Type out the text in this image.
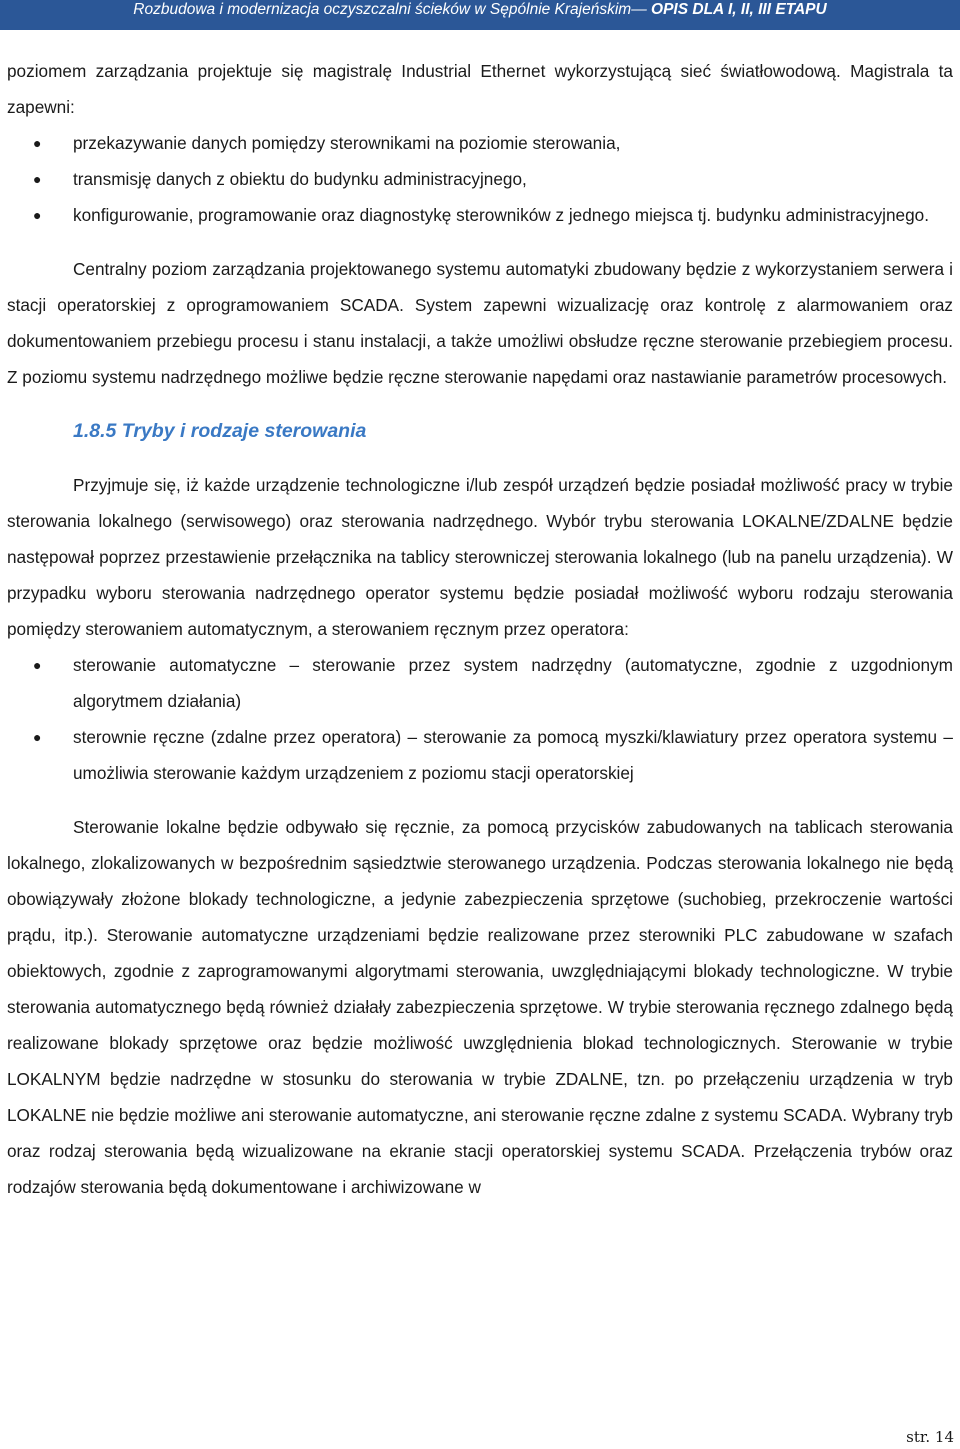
Rozbudowa i modernizacja oczyszczalni ścieków w Sępólnie Krajeńskim— OPIS DLA I, II, III ETAPU

poziomem zarządzania projektuje się magistralę Industrial Ethernet wykorzystującą sieć światłowodową. Magistrala ta zapewni:

● przekazywanie danych pomiędzy sterownikami na poziomie sterowania,
● transmisję danych z obiektu do budynku administracyjnego,
● konfigurowanie, programowanie oraz diagnostykę sterowników z jednego miejsca tj. budynku administracyjnego.

Centralny poziom zarządzania projektowanego systemu automatyki zbudowany będzie z wykorzystaniem serwera i stacji operatorskiej z oprogramowaniem SCADA. System zapewni wizualizację oraz kontrolę z alarmowaniem oraz dokumentowaniem przebiegu procesu i stanu instalacji, a także umożliwi obsłudze ręczne sterowanie przebiegiem procesu. Z poziomu systemu nadrzędnego możliwe będzie ręczne sterowanie napędami oraz nastawianie parametrów procesowych.

1.8.5 Tryby i rodzaje sterowania

Przyjmuje się, iż każde urządzenie technologiczne i/lub zespół urządzeń będzie posiadał możliwość pracy w trybie sterowania lokalnego (serwisowego) oraz sterowania nadrzędnego. Wybór trybu sterowania LOKALNE/ZDALNE będzie następował poprzez przestawienie przełącznika na tablicy sterowniczej sterowania lokalnego (lub na panelu urządzenia). W przypadku wyboru sterowania nadrzędnego operator systemu będzie posiadał możliwość wyboru rodzaju sterowania pomiędzy sterowaniem automatycznym, a sterowaniem ręcznym przez operatora:

● sterowanie automatyczne – sterowanie przez system nadrzędny (automatyczne, zgodnie z uzgodnionym algorytmem działania)
● sterownie ręczne (zdalne przez operatora) – sterowanie za pomocą myszki/klawiatury przez operatora systemu – umożliwia sterowanie każdym urządzeniem z poziomu stacji operatorskiej

Sterowanie lokalne będzie odbywało się ręcznie, za pomocą przycisków zabudowanych na tablicach sterowania lokalnego, zlokalizowanych w bezpośrednim sąsiedztwie sterowanego urządzenia. Podczas sterowania lokalnego nie będą obowiązywały złożone blokady technologiczne, a jedynie zabezpieczenia sprzętowe (suchobieg, przekroczenie wartości prądu, itp.). Sterowanie automatyczne urządzeniami będzie realizowane przez sterowniki PLC zabudowane w szafach obiektowych, zgodnie z zaprogramowanymi algorytmami sterowania, uwzględniającymi blokady technologiczne. W trybie sterowania automatycznego będą również działały zabezpieczenia sprzętowe. W trybie sterowania ręcznego zdalnego będą realizowane blokady sprzętowe oraz będzie możliwość uwzględnienia blokad technologicznych. Sterowanie w trybie LOKALNYM będzie nadrzędne w stosunku do sterowania w trybie ZDALNE, tzn. po przełączeniu urządzenia w tryb LOKALNE nie będzie możliwe ani sterowanie automatyczne, ani sterowanie ręczne zdalne z systemu SCADA. Wybrany tryb oraz rodzaj sterowania będą wizualizowane na ekranie stacji operatorskiej systemu SCADA. Przełączenia trybów oraz rodzajów sterowania będą dokumentowane i archiwizowane w

str. 14
